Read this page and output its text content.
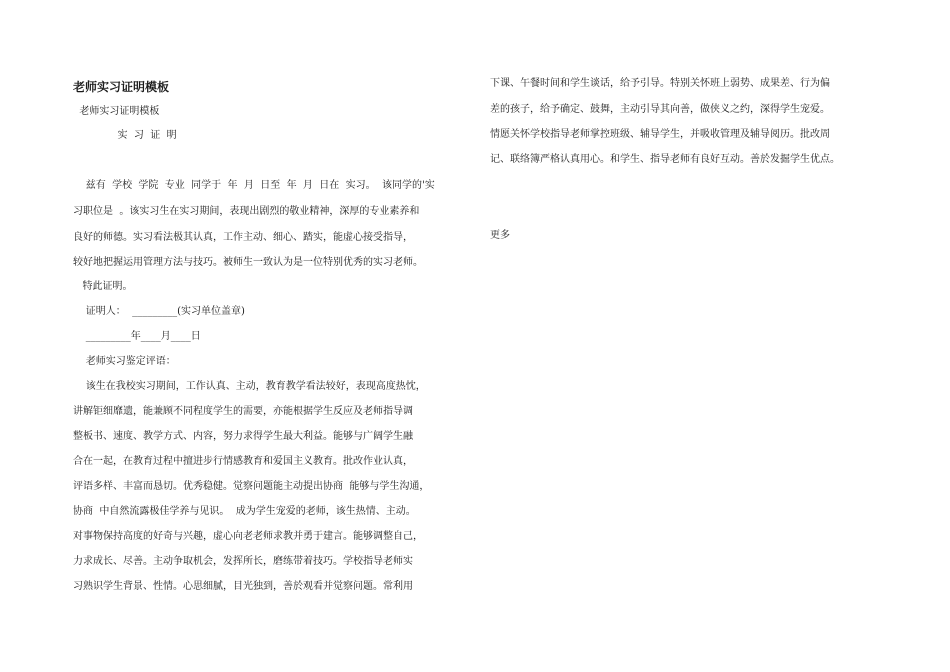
老师实习证明模板
老师实习证明模板
实  习  证  明
兹有  学校  学院  专业  同学于  年  月  日至  年  月  日在  实习。  该同学的'实
习职位是  。该实习生在实习期间，表现出剧烈的敬业精神，深厚的专业素养和
良好的师德。实习看法极其认真，工作主动、细心、踏实，能虚心接受指导，
较好地把握运用管理方法与技巧。被师生一致认为是一位特别优秀的实习老师。
特此证明。
证明人：  _________(实习单位盖章)
_________年____月____日
老师实习鉴定评语：
该生在我校实习期间，工作认真、主动，教育教学看法较好，表现高度热忱，
讲解钜细靡遗，能兼顾不同程度学生的需要，亦能根据学生反应及老师指导调
整板书、速度、教学方式、内容，努力求得学生最大利益。能够与广阔学生融
合在一起，在教育过程中擅进步行情感教育和爱国主义教育。批改作业认真，
评语多样、丰富而恳切。优秀稳健。觉察问题能主动提出协商  能够与学生沟通，
协商  中自然流露极佳学养与见识。  成为学生宠爱的老师，该生热情、主动。
对事物保持高度的好奇与兴趣，虚心向老老师求教并勇于建言。能够调整自己，
力求成长、尽善。主动争取机会，发挥所长，磨练带着技巧。学校指导老师实
习熟识学生背景、性情。心思细腻，目光独到，善於观看并觉察问题。常利用
下课、午餐时间和学生谈话，给予引导。特别关怀班上弱势、成果差、行为偏
差的孩子，给予确定、鼓舞，主动引导其向善，做侠义之约，深得学生宠爱。
情愿关怀学校指导老师掌控班级、辅导学生，并吸收管理及辅导阅历。批改周
记、联络簿严格认真用心。和学生、指导老师有良好互动。善於发掘学生优点。
更多
